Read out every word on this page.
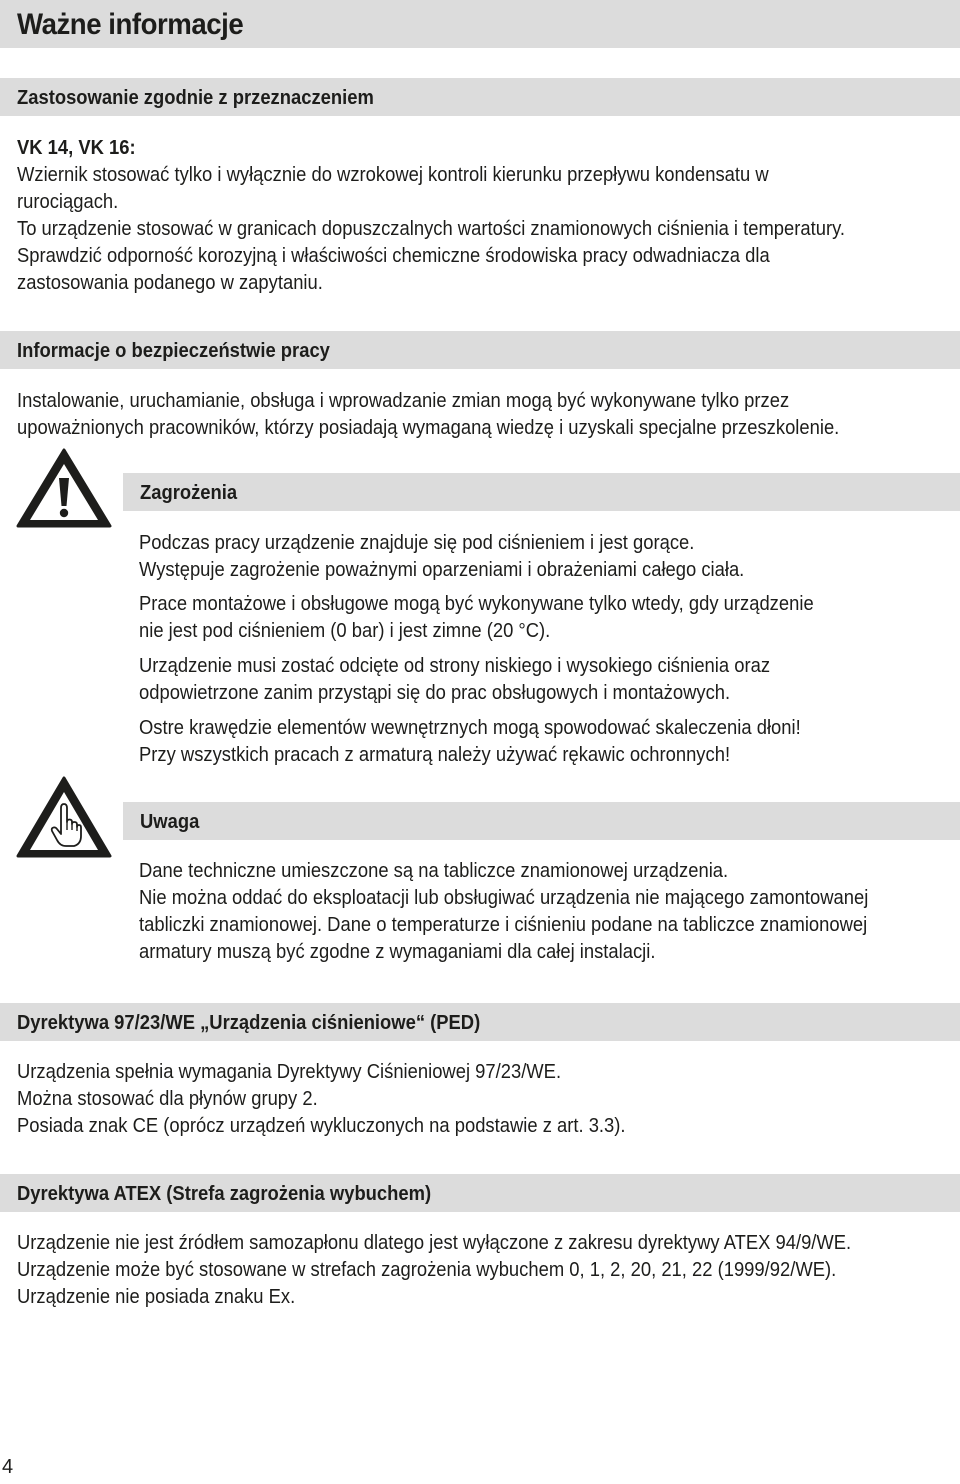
Ważne informacje
Zastosowanie zgodnie z przeznaczeniem
VK 14, VK 16:
Wziernik stosować tylko i wyłącznie do wzrokowej kontroli kierunku przepływu kondensatu w
rurociągach.
To urządzenie stosować w granicach dopuszczalnych wartości znamionowych ciśnienia i temperatury.
Sprawdzić odporność korozyjną i właściwości chemiczne środowiska pracy odwadniacza dla
zastosowania podanego w zapytaniu.
Informacje o bezpieczeństwie pracy
Instalowanie, uruchamianie, obsługa i wprowadzanie zmian mogą być wykonywane tylko przez
upoważnionych pracowników, którzy posiadają wymaganą wiedzę i uzyskali specjalne przeszkolenie.
Zagrożenia
Podczas pracy urządzenie znajduje się pod ciśnieniem i jest gorące.
Występuje zagrożenie poważnymi oparzeniami i obrażeniami całego ciała.
Prace montażowe i obsługowe mogą być wykonywane tylko wtedy, gdy urządzenie
nie jest pod ciśnieniem (0 bar) i jest zimne (20 °C).
Urządzenie musi zostać odcięte od strony niskiego i wysokiego ciśnienia oraz
odpowietrzone zanim przystąpi się do prac obsługowych i montażowych.
Ostre krawędzie elementów wewnętrznych mogą spowodować skaleczenia dłoni!
Przy wszystkich pracach z armaturą należy używać rękawic ochronnych!
Uwaga
Dane techniczne umieszczone są na tabliczce znamionowej urządzenia.
Nie można oddać do eksploatacji lub obsługiwać urządzenia nie mającego zamontowanej
tabliczki znamionowej. Dane o temperaturze i ciśnieniu podane na tabliczce znamionowej
armatury muszą być zgodne z wymaganiami dla całej instalacji.
Dyrektywa 97/23/WE „Urządzenia ciśnieniowe“ (PED)
Urządzenia spełnia wymagania Dyrektywy Ciśnieniowej 97/23/WE.
Można stosować dla płynów grupy 2.
Posiada znak CE (oprócz urządzeń wykluczonych na podstawie z art. 3.3).
Dyrektywa ATEX (Strefa zagrożenia wybuchem)
Urządzenie nie jest źródłem samozapłonu dlatego jest wyłączone z zakresu dyrektywy ATEX 94/9/WE.
Urządzenie może być stosowane w strefach zagrożenia wybuchem 0, 1, 2, 20, 21, 22 (1999/92/WE).
Urządzenie nie posiada znaku Ex.
4
